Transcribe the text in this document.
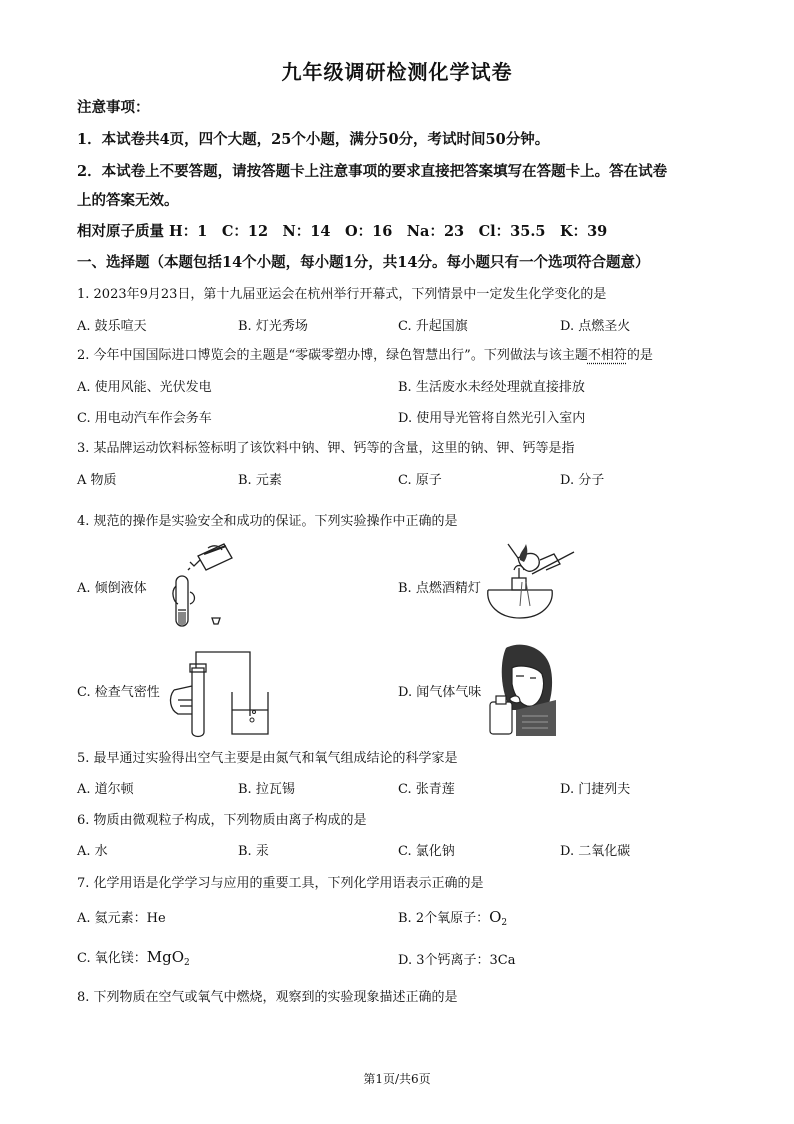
九年级调研检测化学试卷
注意事项：
1．本试卷共4页，四个大题，25个小题，满分50分，考试时间50分钟。
2．本试卷上不要答题，请按答题卡上注意事项的要求直接把答案填写在答题卡上。答在试卷
上的答案无效。
相对原子质量 H：1　C：12　N：14　O：16　Na：23　Cl：35.5　K：39
一、选择题（本题包括14个小题，每小题1分，共14分。每小题只有一个选项符合题意）
1. 2023年9月23日，第十九届亚运会在杭州举行开幕式，下列情景中一定发生化学变化的是
A. 鼓乐喧天	B. 灯光秀场	C. 升起国旗	D. 点燃圣火
2. 今年中国国际进口博览会的主题是“零碳零塑办博，绿色智慧出行”。下列做法与该主题不相符的是
A. 使用风能、光伏发电	B. 生活废水未经处理就直接排放
C. 用电动汽车作会务车	D. 使用导光管将自然光引入室内
3. 某品牌运动饮料标签标明了该饮料中钠、钾、钙等的含量，这里的钠、钾、钙等是指
A 物质	B. 元素	C. 原子	D. 分子
4. 规范的操作是实验安全和成功的保证。下列实验操作中正确的是
A. 倾倒液体	B. 点燃酒精灯
C. 检查气密性	D. 闻气体气味
5. 最早通过实验得出空气主要是由氮气和氧气组成结论的科学家是
A. 道尔顿	B. 拉瓦锡	C. 张青莲	D. 门捷列夫
6. 物质由微观粒子构成，下列物质由离子构成的是
A. 水	B. 汞	C. 氯化钠	D. 二氧化碳
7. 化学用语是化学学习与应用的重要工具，下列化学用语表示正确的是
A. 氦元素：He	B. 2个氧原子：$O_2$
C. 氧化镁：MgO$_2$	D. 3个钙离子：3Ca
8. 下列物质在空气或氧气中燃烧，观察到的实验现象描述正确的是
第1页/共6页
